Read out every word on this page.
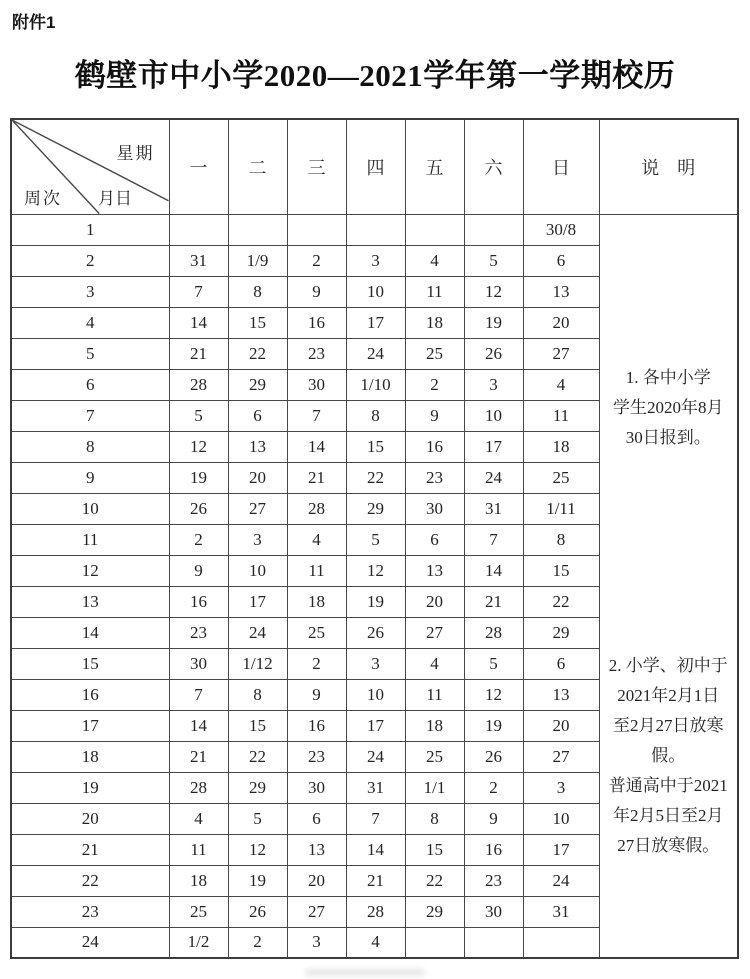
附件1
鹤壁市中小学2020—2021学年第一学期校历
星期
周次 月日	一	二	三	四	五	六	日	说　明
1							30/8	
1. 各中小学
学生2020年8月
30日报到。
2. 小学、初中于
2021年2月1日
至2月27日放寒
假。
普通高中于2021
年2月5日至2月
27日放寒假。

2	31	1/9	2	3	4	5	6	
3	7	8	9	10	11	12	13	
4	14	15	16	17	18	19	20	
5	21	22	23	24	25	26	27	
6	28	29	30	1/10	2	3	4	
7	5	6	7	8	9	10	11	
8	12	13	14	15	16	17	18	
9	19	20	21	22	23	24	25	
10	26	27	28	29	30	31	1/11	
11	2	3	4	5	6	7	8	
12	9	10	11	12	13	14	15	
13	16	17	18	19	20	21	22	
14	23	24	25	26	27	28	29	
15	30	1/12	2	3	4	5	6	
16	7	8	9	10	11	12	13	
17	14	15	16	17	18	19	20	
18	21	22	23	24	25	26	27	
19	28	29	30	31	1/1	2	3	
20	4	5	6	7	8	9	10	
21	11	12	13	14	15	16	17	
22	18	19	20	21	22	23	24	
23	25	26	27	28	29	30	31	
24	1/2	2	3	4				
